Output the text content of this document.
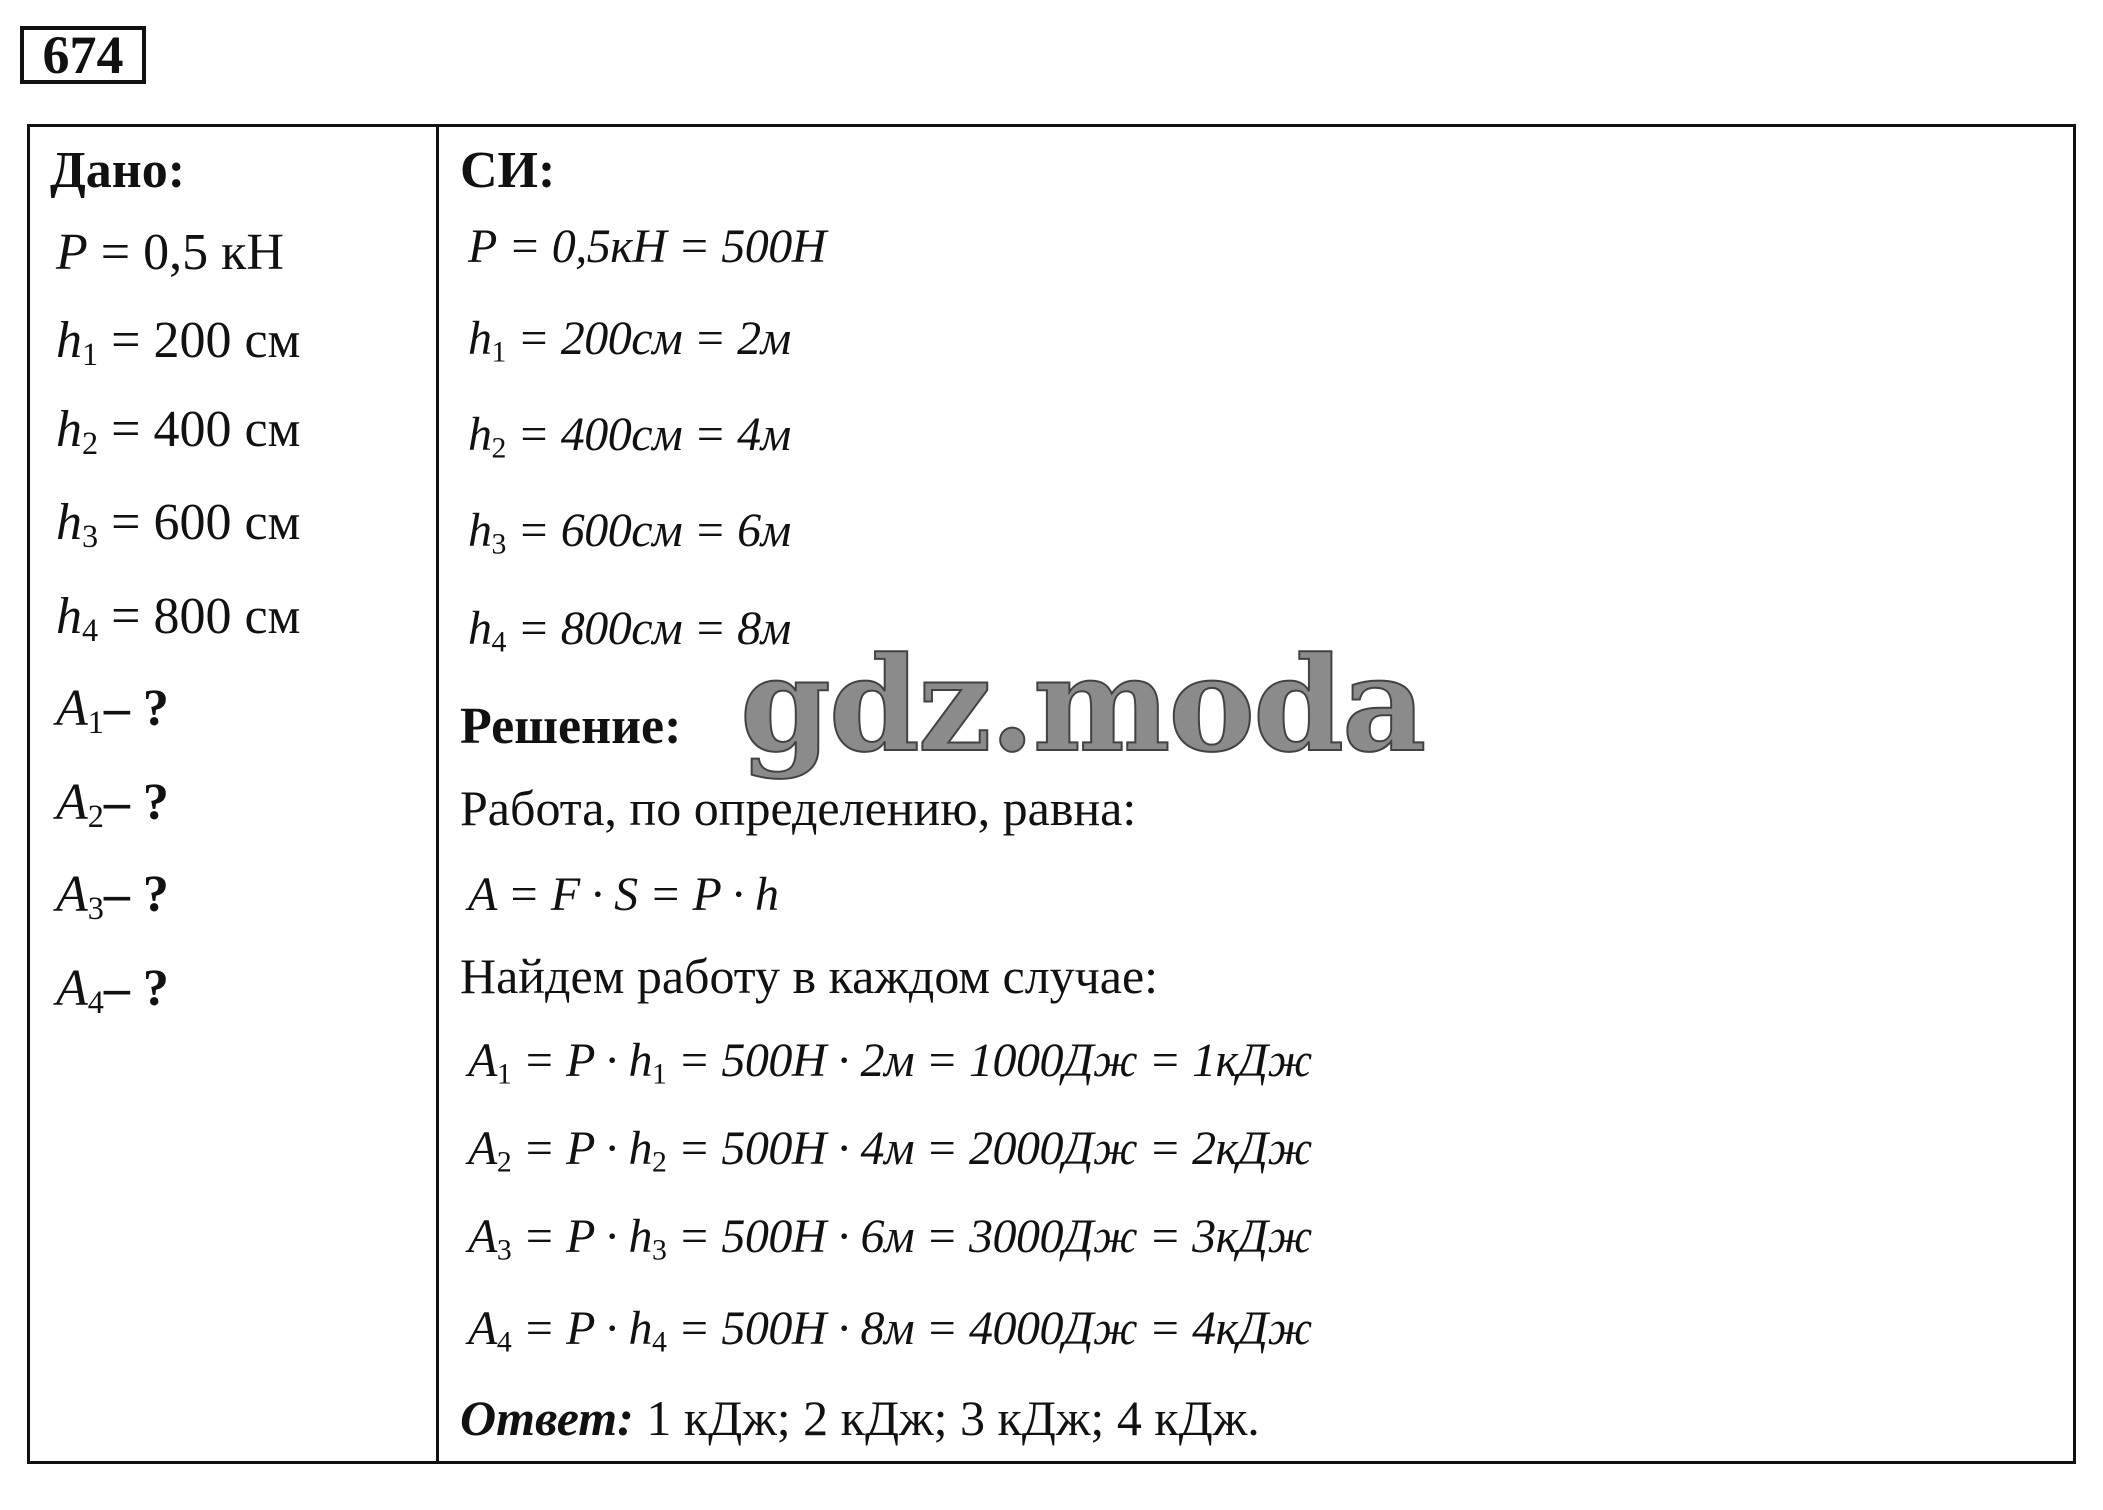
674
Дано:
P = 0,5 кН
$h_1 = 200$ см
$h_2 = 400$ см
$h_3 = 600$ см
$h_4 = 800$ см
$A_1-$ ?
$A_2-$ ?
$A_3-$ ?
$A_4-$ ?
СИ:
P = 0,5кН = 500Н
$h_1 = 200см = 2м$
$h_2 = 400см = 4м$
$h_3 = 600см = 6м$
$h_4 = 800см = 8м$
Решение:
Работа, по определению, равна:
A = F · S = P · h
Найдем работу в каждом случае:
$A_1 = P \cdot h_1 = 500Н \cdot 2м = 1000Дж = 1кДж$
$A_2 = P \cdot h_2 = 500Н \cdot 4м = 2000Дж = 2кДж$
$A_3 = P \cdot h_3 = 500Н \cdot 6м = 3000Дж = 3кДж$
$A_4 = P \cdot h_4 = 500Н \cdot 8м = 4000Дж = 4кДж$
Ответ: 1 кДж; 2 кДж; 3 кДж; 4 кДж.
gdz.moda
